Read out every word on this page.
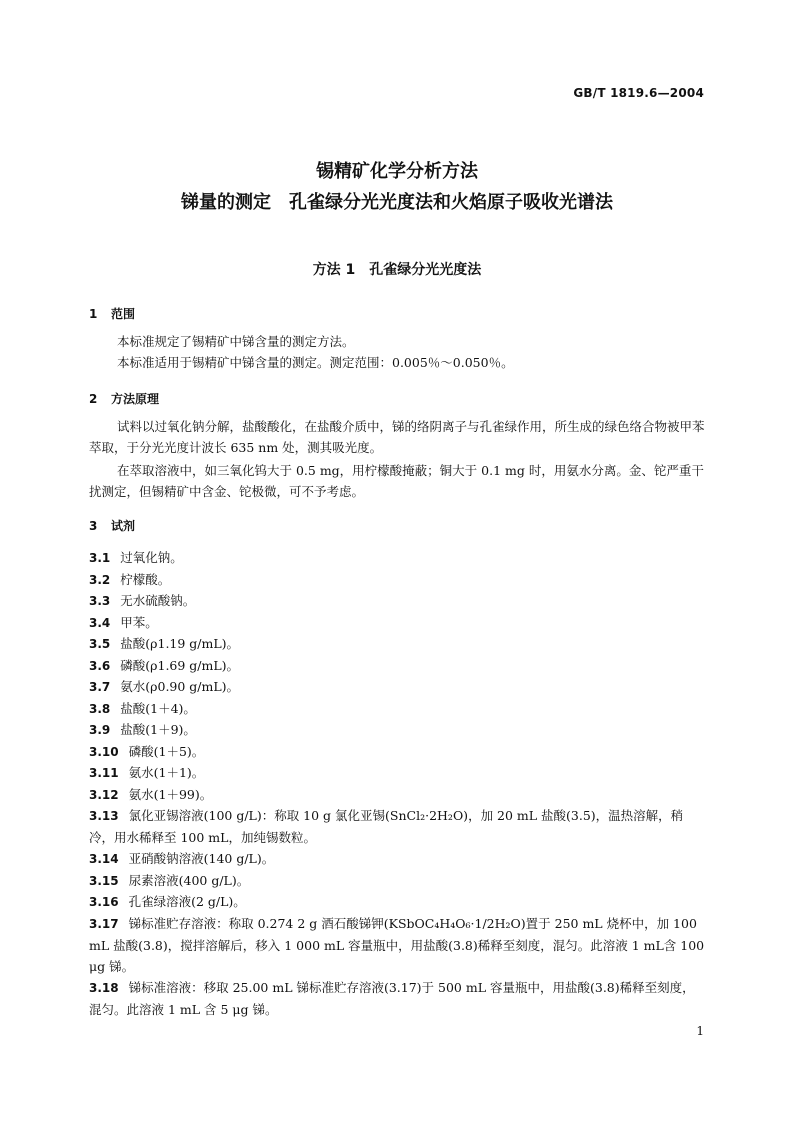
GB/T 1819.6—2004
锡精矿化学分析方法
锑量的测定　孔雀绿分光光度法和火焰原子吸收光谱法
方法 1　孔雀绿分光光度法
1 范围
本标准规定了锡精矿中锑含量的测定方法。
本标准适用于锡精矿中锑含量的测定。测定范围：0.005％～0.050％。
2 方法原理
试料以过氧化钠分解，盐酸酸化，在盐酸介质中，锑的络阴离子与孔雀绿作用，所生成的绿色络合物被甲苯萃取，于分光光度计波长 635 nm 处，测其吸光度。
在萃取溶液中，如三氧化钨大于 0.5 mg，用柠檬酸掩蔽；铜大于 0.1 mg 时，用氨水分离。金、铊严重干扰测定，但锡精矿中含金、铊极微，可不予考虑。
3 试剂
3.1 过氧化钠。
3.2 柠檬酸。
3.3 无水硫酸钠。
3.4 甲苯。
3.5 盐酸(ρ1.19 g/mL)。
3.6 磷酸(ρ1.69 g/mL)。
3.7 氨水(ρ0.90 g/mL)。
3.8 盐酸(1＋4)。
3.9 盐酸(1＋9)。
3.10 磷酸(1＋5)。
3.11 氨水(1＋1)。
3.12 氨水(1＋99)。
3.13 氯化亚锡溶液(100 g/L)：称取 10 g 氯化亚锡(SnCl₂·2H₂O)，加 20 mL 盐酸(3.5)，温热溶解，稍冷，用水稀释至 100 mL，加纯锡数粒。
3.14 亚硝酸钠溶液(140 g/L)。
3.15 尿素溶液(400 g/L)。
3.16 孔雀绿溶液(2 g/L)。
3.17 锑标准贮存溶液：称取 0.274 2 g 酒石酸锑钾(KSbOC₄H₄O₆·1/2H₂O)置于 250 mL 烧杯中，加 100 mL 盐酸(3.8)，搅拌溶解后，移入 1 000 mL 容量瓶中，用盐酸(3.8)稀释至刻度，混匀。此溶液 1 mL含 100 μg 锑。
3.18 锑标准溶液：移取 25.00 mL 锑标准贮存溶液(3.17)于 500 mL 容量瓶中，用盐酸(3.8)稀释至刻度，混匀。此溶液 1 mL 含 5 μg 锑。
1
